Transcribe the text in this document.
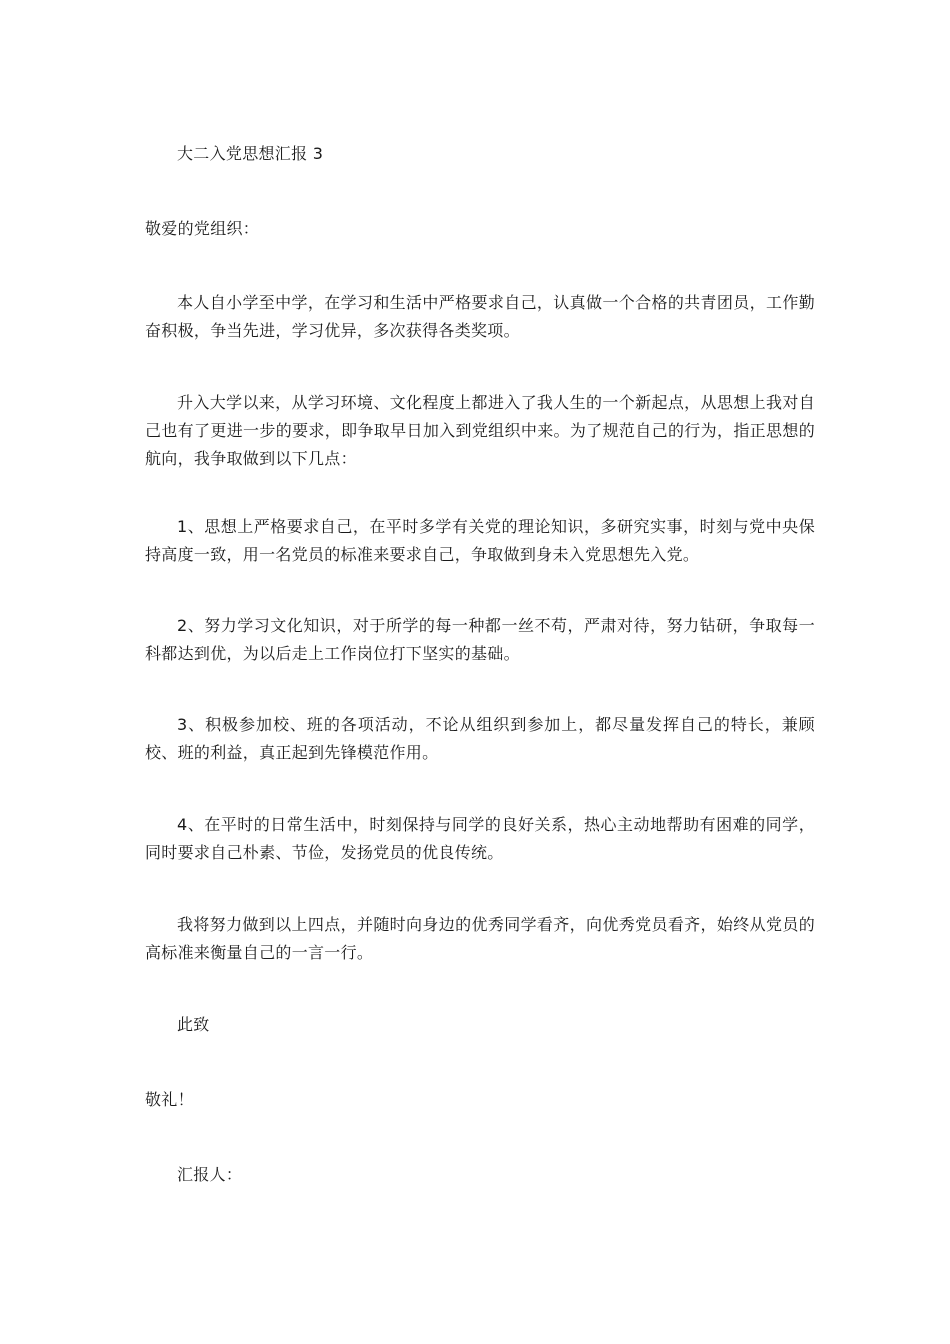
大二入党思想汇报 3
敬爱的党组织：
本人自小学至中学，在学习和生活中严格要求自己，认真做一个合格的共青团员，工作勤奋积极，争当先进，学习优异，多次获得各类奖项。
升入大学以来，从学习环境、文化程度上都进入了我人生的一个新起点，从思想上我对自己也有了更进一步的要求，即争取早日加入到党组织中来。为了规范自己的行为，指正思想的航向，我争取做到以下几点：
1、思想上严格要求自己，在平时多学有关党的理论知识，多研究实事，时刻与党中央保持高度一致，用一名党员的标准来要求自己，争取做到身未入党思想先入党。
2、努力学习文化知识，对于所学的每一种都一丝不苟，严肃对待，努力钻研，争取每一科都达到优，为以后走上工作岗位打下坚实的基础。
3、积极参加校、班的各项活动，不论从组织到参加上，都尽量发挥自己的特长，兼顾校、班的利益，真正起到先锋模范作用。
4、在平时的日常生活中，时刻保持与同学的良好关系，热心主动地帮助有困难的同学，同时要求自己朴素、节俭，发扬党员的优良传统。
我将努力做到以上四点，并随时向身边的优秀同学看齐，向优秀党员看齐，始终从党员的高标准来衡量自己的一言一行。
此致
敬礼！
汇报人：
